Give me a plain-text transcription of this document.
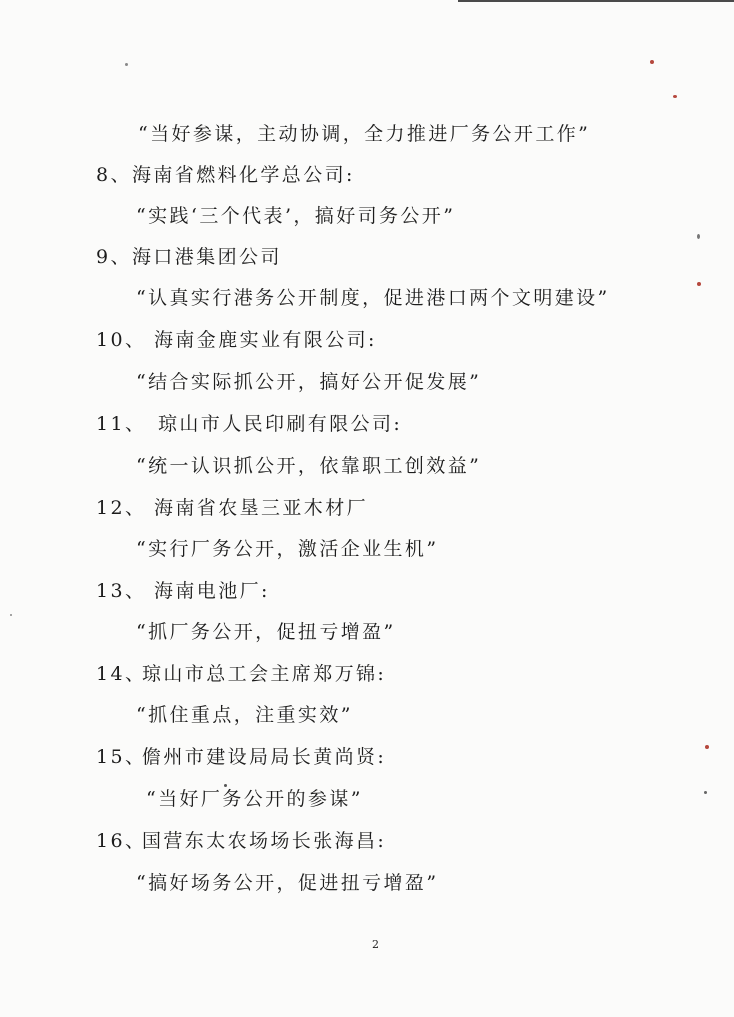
“当好参谋，主动协调，全力推进厂务公开工作”
8、海南省燃料化学总公司:
“实践‘三个代表’，搞好司务公开”
9、海口港集团公司
“认真实行港务公开制度，促进港口两个文明建设”
10、 海南金鹿实业有限公司:
“结合实际抓公开，搞好公开促发展”
11、 琼山市人民印刷有限公司:
“统一认识抓公开，依靠职工创效益”
12、 海南省农垦三亚木材厂
“实行厂务公开，激活企业生机”
13、 海南电池厂:
“抓厂务公开，促扭亏增盈”
14、琼山市总工会主席郑万锦:
“抓住重点，注重实效”
15、儋州市建设局局长黄尚贤:
“当好厂务公开的参谋”
16、国营东太农场场长张海昌:
“搞好场务公开，促进扭亏增盈”
2
